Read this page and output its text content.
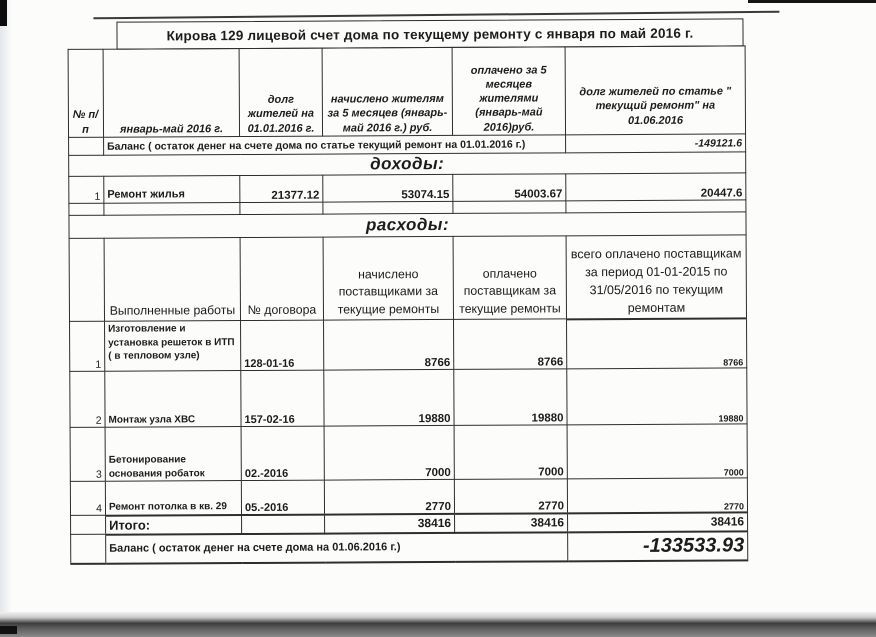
Кирова 129 лицевой счет дома по текущему ремонту с января по май 2016 г.
№ п/п	январь-май 2016 г.	долг жителей на 01.01.2016 г.	начислено жителям за 5 месяцев (январь-май 2016 г.) руб.	оплачено за 5 месяцев жителями (январь-май 2016)руб.	долг жителей по статье " текущий ремонт" на 01.06.2016
	Баланс ( остаток денег на счете дома по статье текущий ремонт на 01.01.2016 г.)				-149121.6
доходы:					
1	Ремонт жилья	21377.12	53074.15	54003.67	20447.6

расходы:					
	Выполненные работы	№ договора	начислено поставщиками за текущие ремонты	оплачено поставщикам за текущие ремонты	всего оплачено поставщикам за период 01-01-2015 по 31/05/2016 по текущим ремонтам
1	Изготовление и установка решеток в ИТП ( в тепловом узле)	128-01-16	8766	8766	8766
2	Монтаж узла ХВС	157-02-16	19880	19880	19880
3	Бетонирование основания робаток	02.-2016	7000	7000	7000
4	Ремонт потолка в кв. 29	05.-2016	2770	2770	2770
	Итого:		38416	38416	38416
	Баланс ( остаток денег на счете дома на 01.06.2016 г.)				-133533.93
